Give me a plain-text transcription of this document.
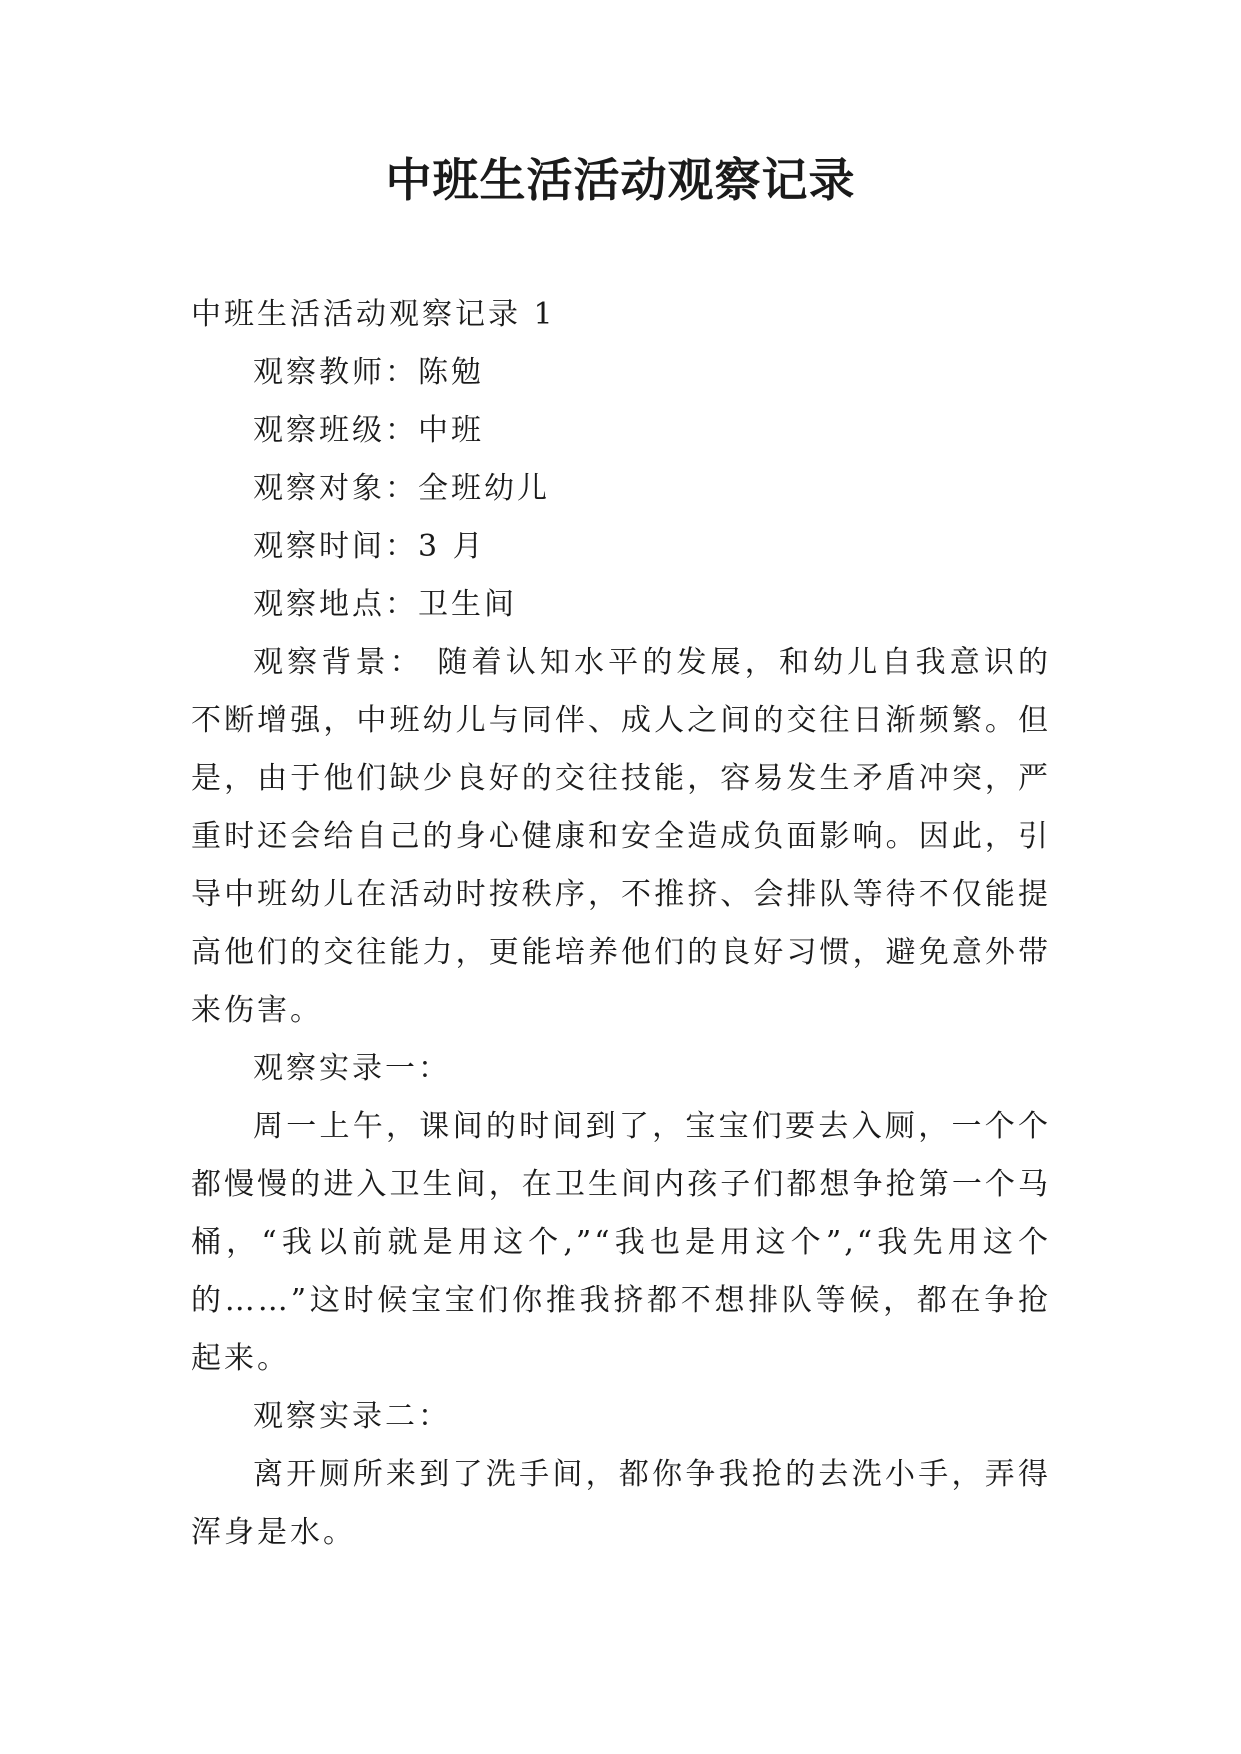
中班生活活动观察记录

中班生活活动观察记录 1

观察教师：陈勉

观察班级：中班

观察对象：全班幼儿

观察时间：3 月

观察地点：卫生间

观察背景： 随着认知水平的发展，和幼儿自我意识的不断增强，中班幼儿与同伴、成人之间的交往日渐频繁。但是，由于他们缺少良好的交往技能，容易发生矛盾冲突，严重时还会给自己的身心健康和安全造成负面影响。因此，引导中班幼儿在活动时按秩序，不推挤、会排队等待不仅能提高他们的交往能力，更能培养他们的良好习惯，避免意外带来伤害。

观察实录一：

周一上午，课间的时间到了，宝宝们要去入厕，一个个都慢慢的进入卫生间，在卫生间内孩子们都想争抢第一个马桶，“我以前就是用这个,”“我也是用这个”,“我先用这个的……”这时候宝宝们你推我挤都不想排队等候，都在争抢起来。

观察实录二：

离开厕所来到了洗手间，都你争我抢的去洗小手，弄得浑身是水。
